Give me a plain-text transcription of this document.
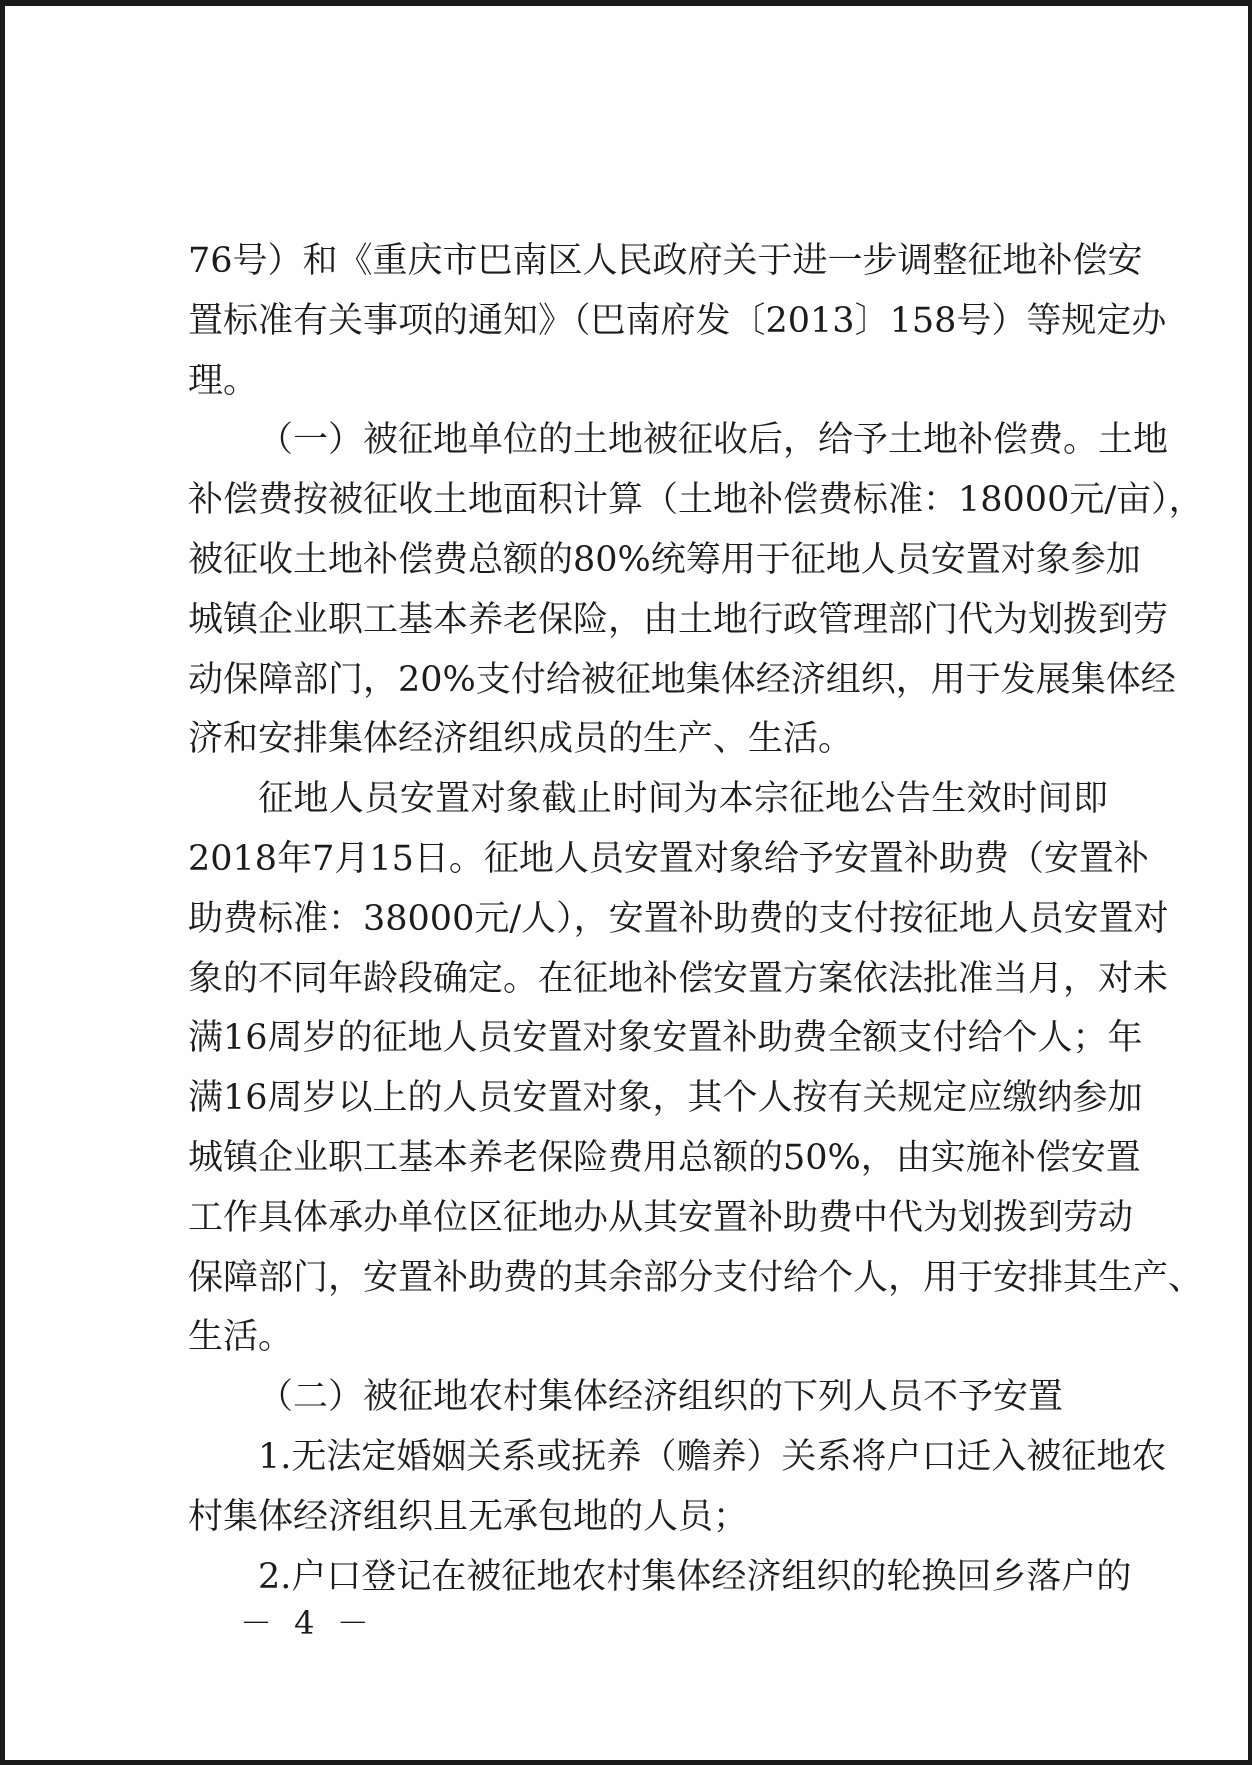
76号）和《重庆市巴南区人民政府关于进一步调整征地补偿安
置标准有关事项的通知》（巴南府发〔2013〕158号）等规定办
理。
（一）被征地单位的土地被征收后，给予土地补偿费。土地
补偿费按被征收土地面积计算（土地补偿费标准：18000元/亩），
被征收土地补偿费总额的80%统筹用于征地人员安置对象参加
城镇企业职工基本养老保险，由土地行政管理部门代为划拨到劳
动保障部门，20%支付给被征地集体经济组织，用于发展集体经
济和安排集体经济组织成员的生产、生活。
征地人员安置对象截止时间为本宗征地公告生效时间即
2018年7月15日。征地人员安置对象给予安置补助费（安置补
助费标准：38000元/人），安置补助费的支付按征地人员安置对
象的不同年龄段确定。在征地补偿安置方案依法批准当月，对未
满16周岁的征地人员安置对象安置补助费全额支付给个人；年
满16周岁以上的人员安置对象，其个人按有关规定应缴纳参加
城镇企业职工基本养老保险费用总额的50%，由实施补偿安置
工作具体承办单位区征地办从其安置补助费中代为划拨到劳动
保障部门，安置补助费的其余部分支付给个人，用于安排其生产、
生活。
（二）被征地农村集体经济组织的下列人员不予安置
1.无法定婚姻关系或抚养（赡养）关系将户口迁入被征地农
村集体经济组织且无承包地的人员；
2.户口登记在被征地农村集体经济组织的轮换回乡落户的
－ 4 －
